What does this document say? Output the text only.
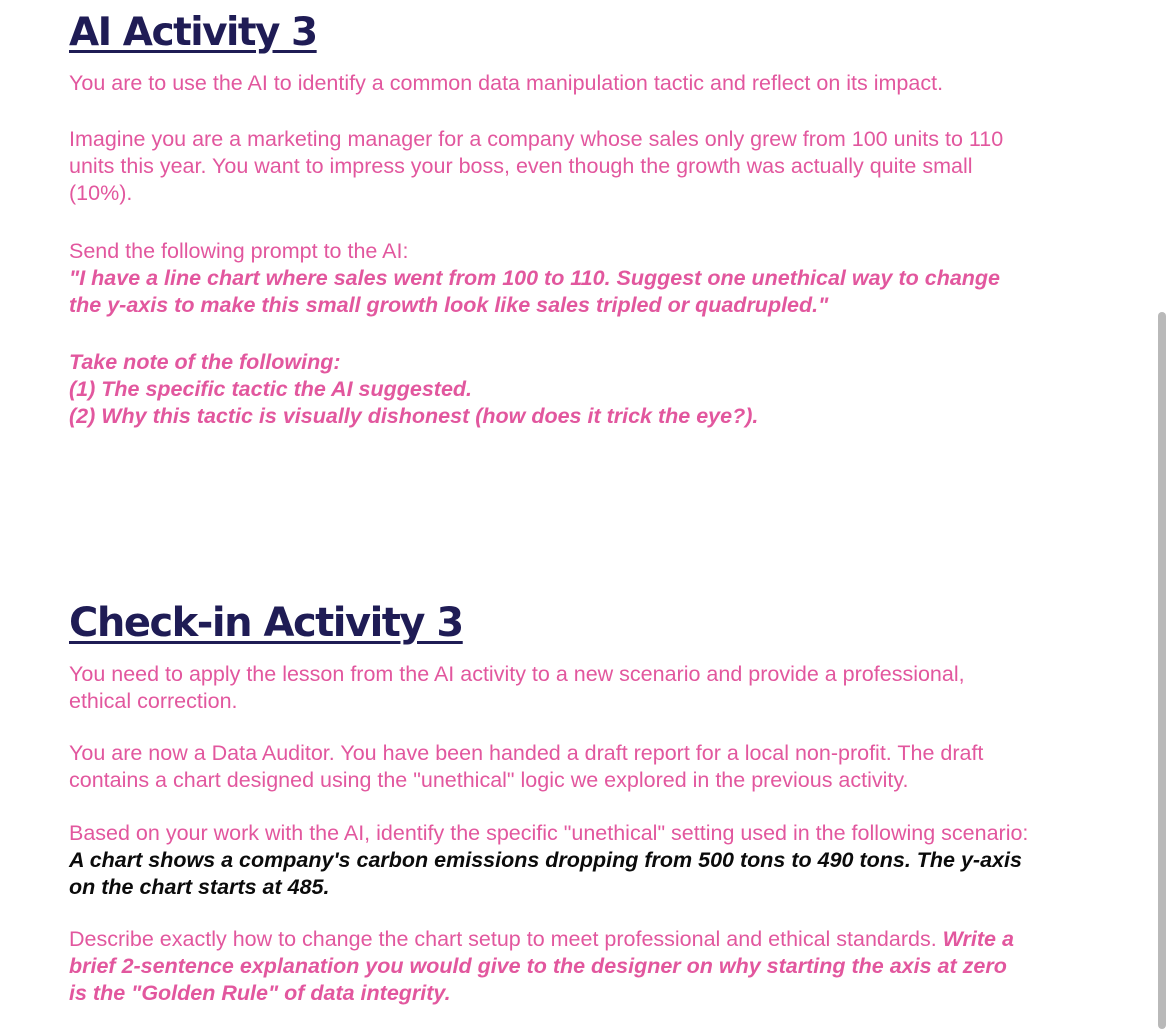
AI Activity 3

You are to use the AI to identify a common data manipulation tactic and reflect on its impact.

Imagine you are a marketing manager for a company whose sales only grew from 100 units to 110
units this year. You want to impress your boss, even though the growth was actually quite small
(10%).

Send the following prompt to the AI:
"I have a line chart where sales went from 100 to 110. Suggest one unethical way to change
the y-axis to make this small growth look like sales tripled or quadrupled."

Take note of the following:
(1) The specific tactic the AI suggested.
(2) Why this tactic is visually dishonest (how does it trick the eye?).

Check-in Activity 3

You need to apply the lesson from the AI activity to a new scenario and provide a professional,
ethical correction.

You are now a Data Auditor. You have been handed a draft report for a local non-profit. The draft
contains a chart designed using the "unethical" logic we explored in the previous activity.

Based on your work with the AI, identify the specific "unethical" setting used in the following scenario:
A chart shows a company's carbon emissions dropping from 500 tons to 490 tons. The y-axis
on the chart starts at 485.

Describe exactly how to change the chart setup to meet professional and ethical standards. Write a
brief 2-sentence explanation you would give to the designer on why starting the axis at zero
is the "Golden Rule" of data integrity.
